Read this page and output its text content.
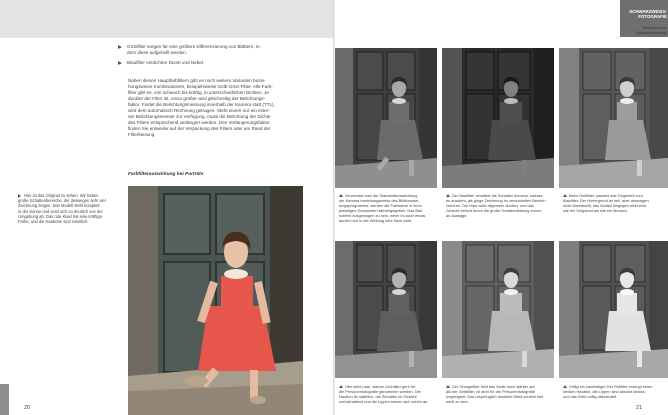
SCHWARZWEISS-
FOTOGRAFIE
Monochrome
Bildaufzeichnung
Grünfilter sorgen für eine größere Differenzierung von Blättern, in-
dem diese aufgehellt werden.
Blaufilter verdichten Dunst und Nebel.
Neben diesen Hauptfarbfiltern gibt es noch weitere Varianten bezie-
hungsweise Kombinationen, beispielsweise Gelb-Grün-Filter. Alle Farb-
filter gibt es, von schwach bis kräftig, in unterschiedlichen Dichten. Je
dunkler der Filter ist, umso größer wird gleichzeitig der Belichtungs-
faktor. Findet die Belichtungsmessung innerhalb der Kamera statt (TTL),
wird dem automatisch Rechnung getragen. Steht einem nur ein exter-
ner Belichtungsmesser zur Verfügung, muss die Belichtung der Dichte
des Filters entsprechend verlängert werden. Den Verlängerungsfaktor
finden Sie entweder auf der Verpackung des Filters oder am Rand der
Filterfassung.
Farbfilterauswirkung bei Porträts
Hier ist das Original zu sehen. Wir haben
große Schattenbereiche, die deswegen sehr viel
Zeichnung zeigen. Das Modell steht komplett
in der Sonne und setzt sich so deutlich von der
Umgebung ab. Das rote Kleid hat eine kräftige
Farbe, und die Hauttöne sind natürlich.
Verwendet man die Standardumwandlung
der Kamera beziehungsweise des Bildbearbei-
tungsprogramms, werden die Farbwerte in ihren
jeweiligen Grauwerten wiedergegeben. Das Bild
scheint ausgewogen zu sein, wenn es auch etwas
dunkel und in der Wirkung sehr flach wirkt.
Der Blaufilter verstärkt die Schatten immens, sodass
es aussieht, als ginge Zeichnung im verdunkelten Bereich
verloren. Die Haut wirkt allgemein dunkler, und das
Gesicht verliert durch die große Schattenbildung enorm
an Aussage.
Beim Gelbfilter passiert das Gegenteil vom
Blaufilter. Der Hintergrund ist hell, aber deswegen
nicht überstrahlt, das Modell hingegen wirkt eher
wie ein Gespenst als wie ein Mensch.
Hier sieht man, warum Grünfilter gern für
die Personenfotografie genommen werden. Der
Hautton ist natürlich, die Schatten im Gesicht
zurückhaltend und die Lippen setzen sich schön ab.
Der Orangefilter hellt das Motiv noch stärker auf
als der Gelbfilter, ist aber für die Personenfotografie
ungeeignet. Das ursprünglich dunklere Kleid scheint hier
weiß zu sein.
Völlig ein nachteiliger Der Rotfilter erzeugt einen
weißen Hautton, die Lippen sind absolut farblos
und das Kleid völlig überstrahlt.
20	21
